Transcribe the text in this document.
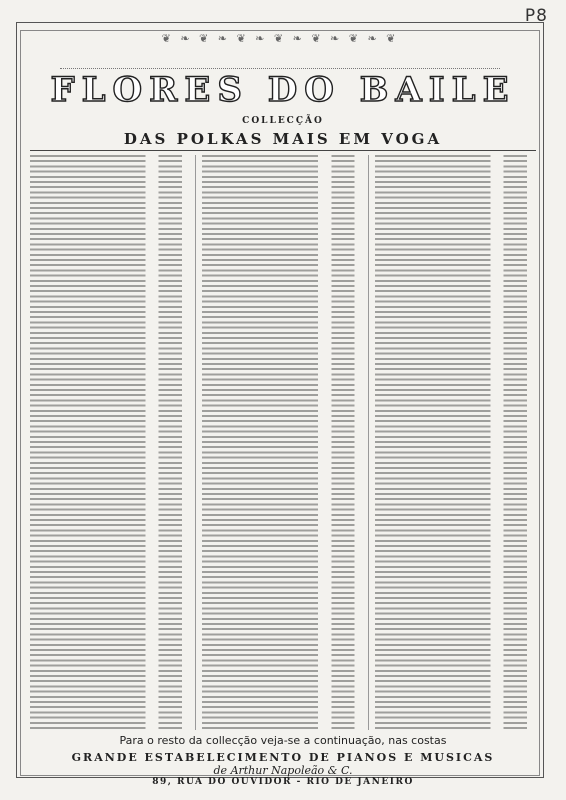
P8
❦ ❧ ❦ ❧ ❦ ❧ ❦ ❧ ❦ ❧ ❦ ❧ ❦
FLORES DO BAILE
COLLECÇÃO
DAS POLKAS MAIS EM VOGA
Para o resto da collecção veja-se a continuação, nas costas
GRANDE ESTABELECIMENTO DE PIANOS E MUSICAS
de Arthur Napoleão & C.
89, RUA DO OUVIDOR - RIO DE JANEIRO
